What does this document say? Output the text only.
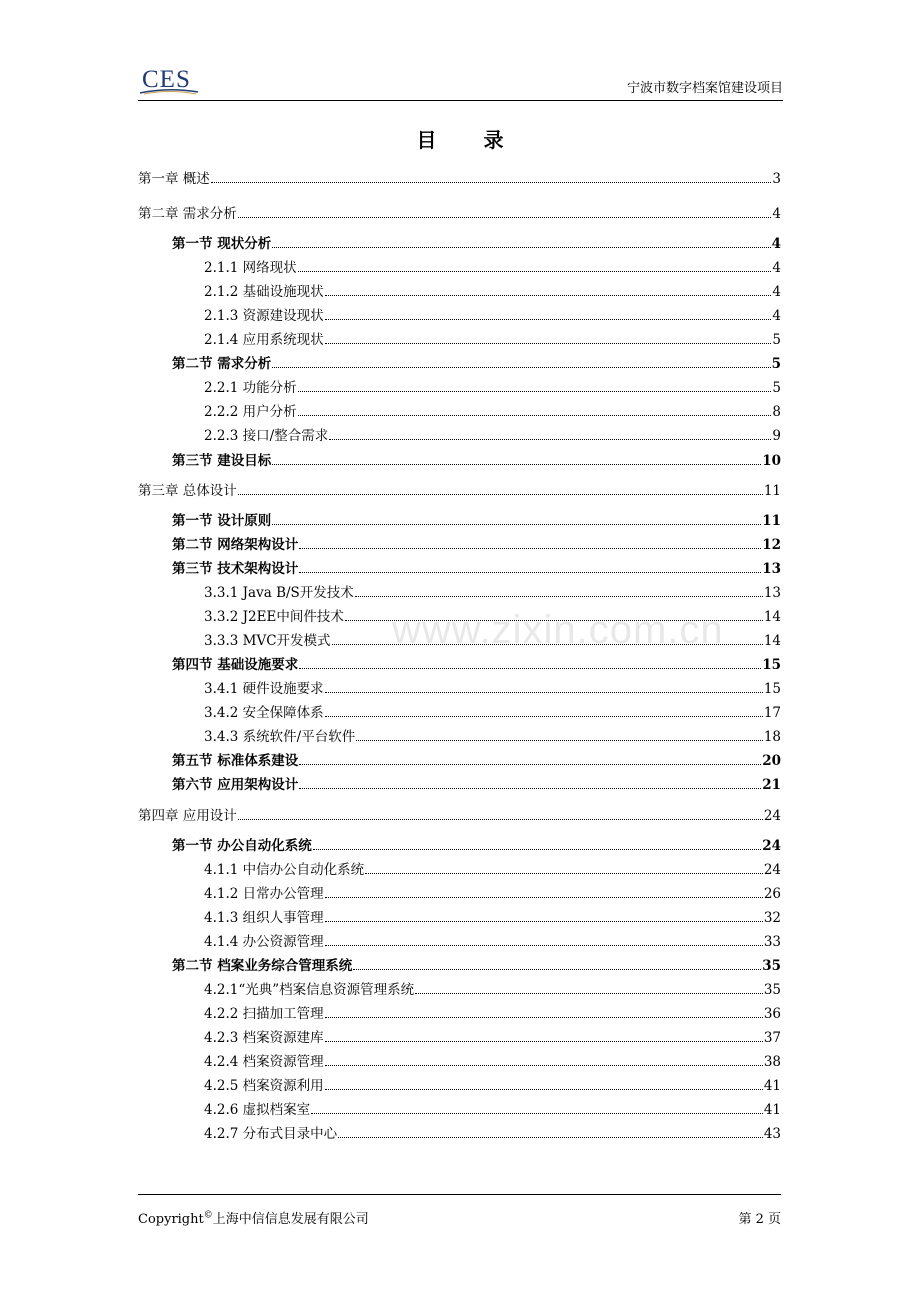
CES	宁波市数字档案馆建设项目
目 录
www.zixin.com.cn
第一章 概述	3
第二章 需求分析	4
第一节 现状分析	4
2.1.1 网络现状	4
2.1.2 基础设施现状	4
2.1.3 资源建设现状	4
2.1.4 应用系统现状	5
第二节 需求分析	5
2.2.1 功能分析	5
2.2.2 用户分析	8
2.2.3 接口/整合需求	9
第三节 建设目标	10
第三章 总体设计	11
第一节 设计原则	11
第二节 网络架构设计	12
第三节 技术架构设计	13
3.3.1 Java B/S开发技术	13
3.3.2 J2EE中间件技术	14
3.3.3 MVC开发模式	14
第四节 基础设施要求	15
3.4.1 硬件设施要求	15
3.4.2 安全保障体系	17
3.4.3 系统软件/平台软件	18
第五节 标准体系建设	20
第六节 应用架构设计	21
第四章 应用设计	24
第一节 办公自动化系统	24
4.1.1 中信办公自动化系统	24
4.1.2 日常办公管理	26
4.1.3 组织人事管理	32
4.1.4 办公资源管理	33
第二节 档案业务综合管理系统	35
4.2.1“光典”档案信息资源管理系统	35
4.2.2 扫描加工管理	36
4.2.3 档案资源建库	37
4.2.4 档案资源管理	38
4.2.5 档案资源利用	41
4.2.6 虚拟档案室	41
4.2.7 分布式目录中心	43
Copyright©上海中信信息发展有限公司	第 2 页
